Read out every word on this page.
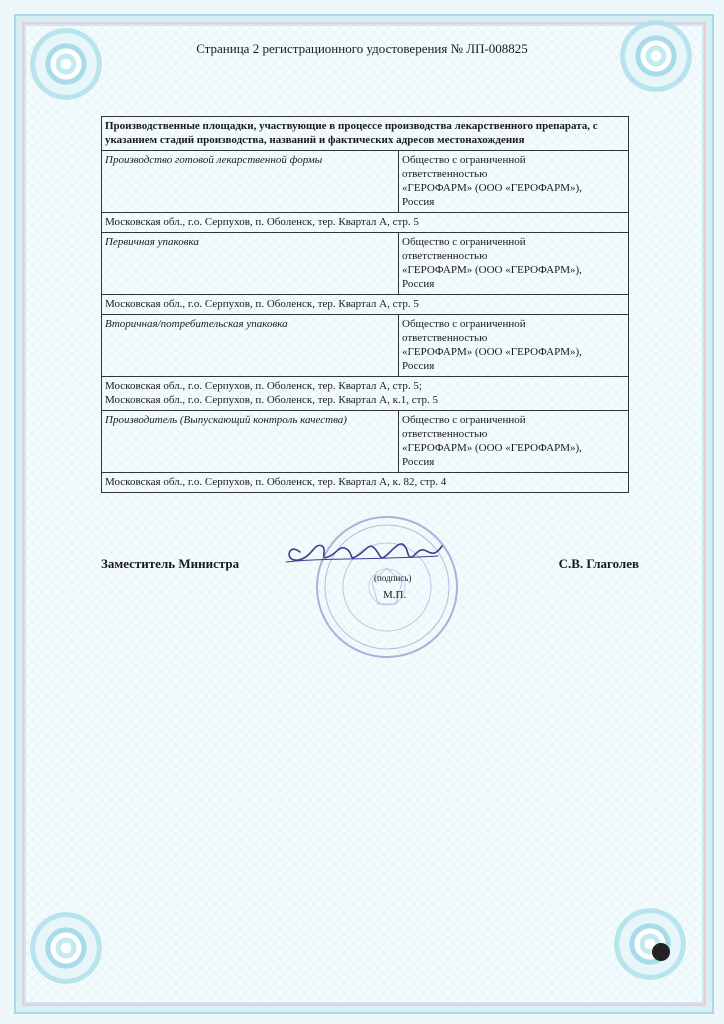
Страница 2 регистрационного удостоверения № ЛП-008825
Производственные площадки, участвующие в процессе производства лекарственного препарата, с указанием стадий производства, названий и фактических адресов местонахождения	
Производство готовой лекарственной формы	Общество с ограниченной
ответственностью
«ГЕРОФАРМ» (ООО «ГЕРОФАРМ»),
Россия

Московская обл., г.о. Серпухов, п. Оболенск, тер. Квартал А, стр. 5	

Первичная упаковка	Общество с ограниченной
ответственностью
«ГЕРОФАРМ» (ООО «ГЕРОФАРМ»),
Россия

Московская обл., г.о. Серпухов, п. Оболенск, тер. Квартал А, стр. 5	

Вторичная/потребительская упаковка	Общество с ограниченной
ответственностью
«ГЕРОФАРМ» (ООО «ГЕРОФАРМ»),
Россия

Московская обл., г.о. Серпухов, п. Оболенск, тер. Квартал А, стр. 5;
Московская обл., г.о. Серпухов, п. Оболенск, тер. Квартал А, к.1, стр. 5	

Производитель (Выпускающий контроль качества)	Общество с ограниченной
ответственностью
«ГЕРОФАРМ» (ООО «ГЕРОФАРМ»),
Россия

Московская обл., г.о. Серпухов, п. Оболенск, тер. Квартал А, к. 82, стр. 4	
Заместитель Министра	С.В. Глаголев
(подпись)
М.П.
